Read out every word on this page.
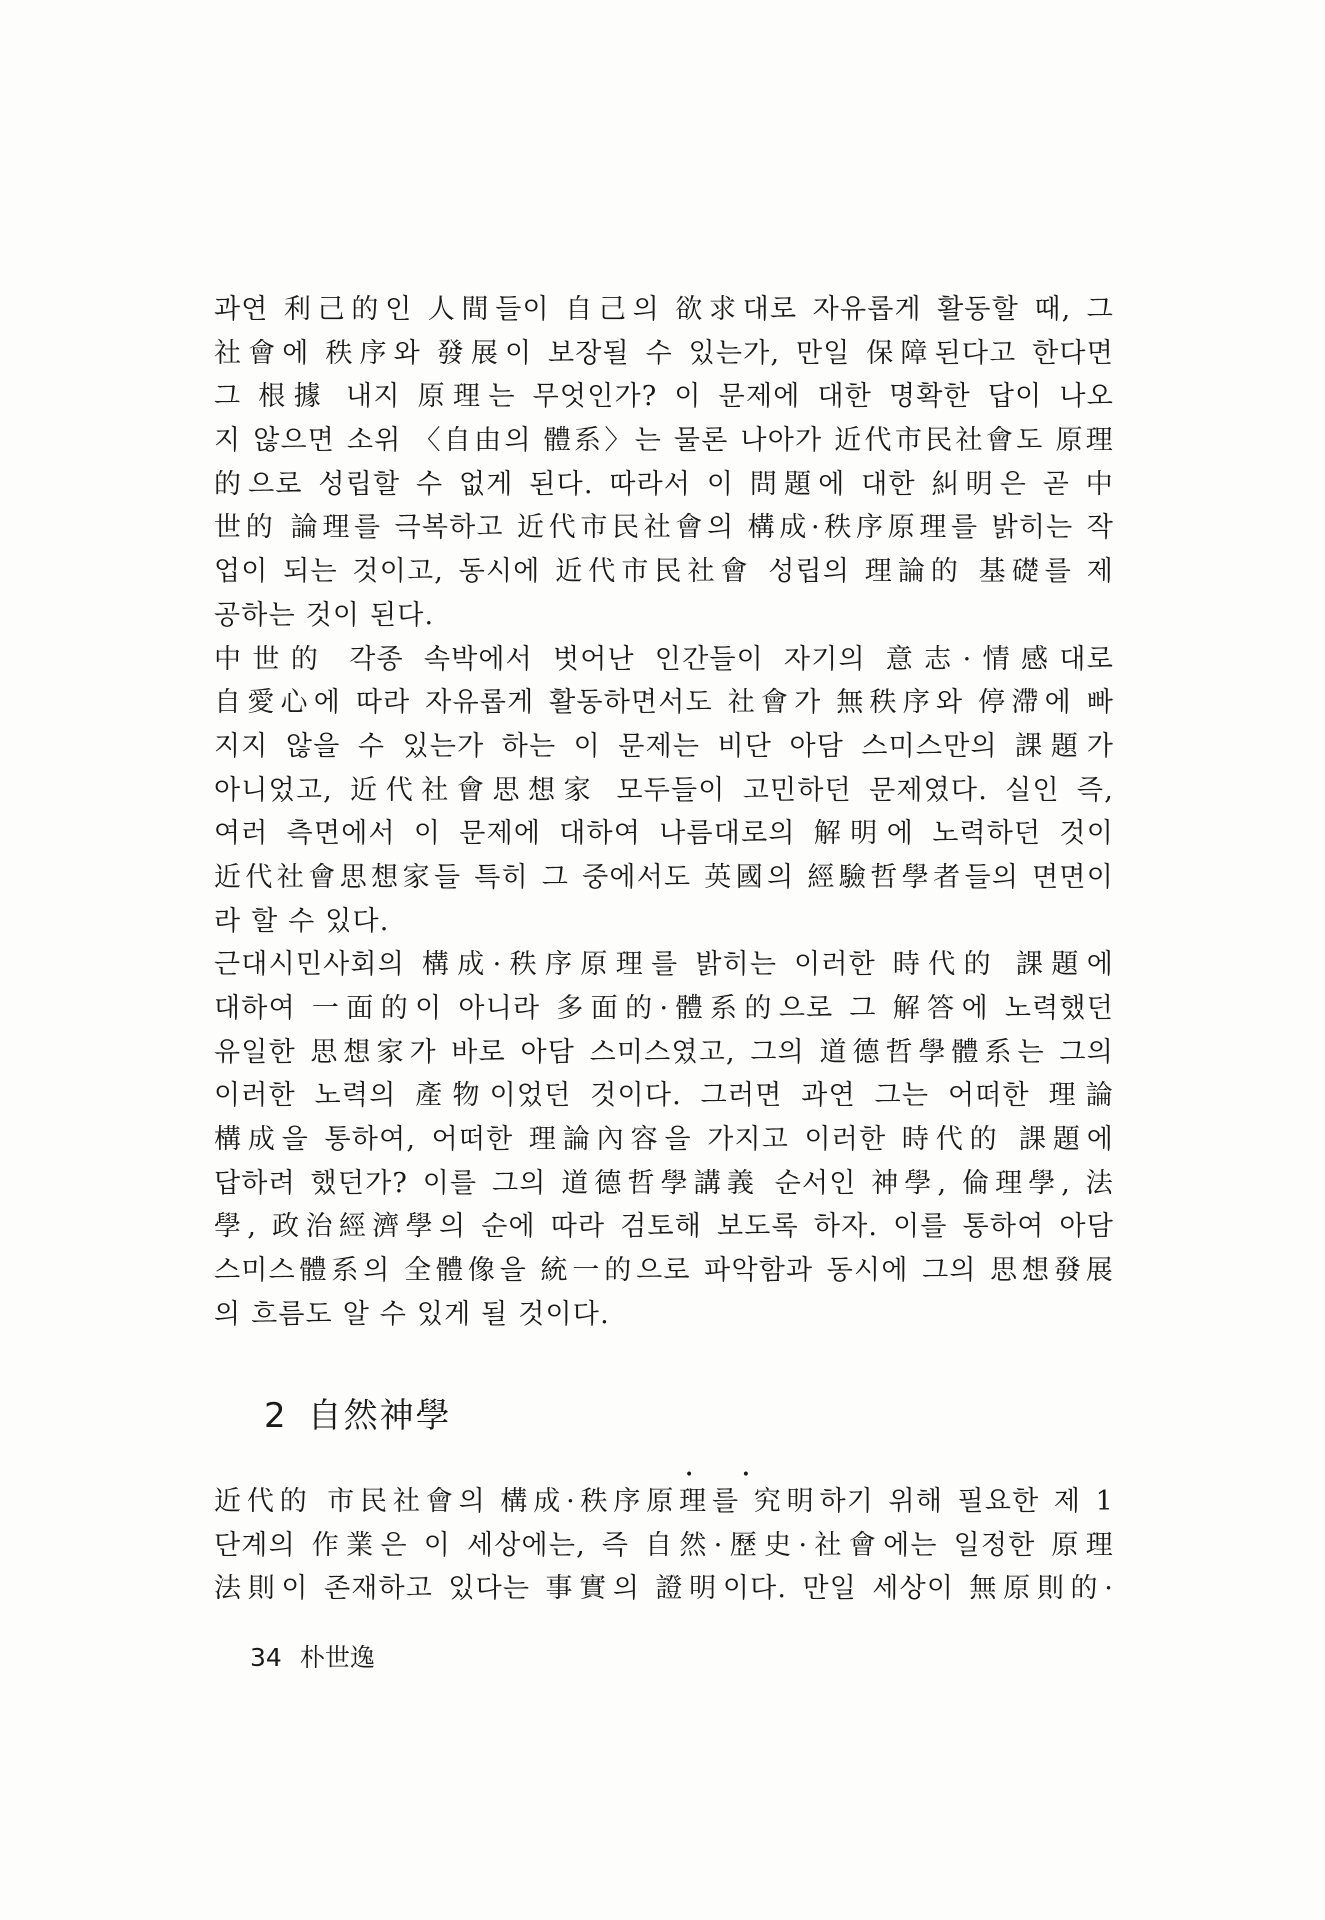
과연 利己的인 人間들이 自己의 欲求대로 자유롭게 활동할 때, 그
社會에 秩序와 發展이 보장될 수 있는가, 만일 保障된다고 한다면
그 根據 내지 原理는 무엇인가? 이 문제에 대한 명확한 답이 나오
지 않으면 소위 〈自由의 體系〉는 물론 나아가 近代市民社會도 原理
的으로 성립할 수 없게 된다. 따라서 이 問題에 대한 糾明은 곧 中
世的 論理를 극복하고 近代市民社會의 構成·秩序原理를 밝히는 작
업이 되는 것이고, 동시에 近代市民社會 성립의 理論的 基礎를 제
공하는 것이 된다.
中世的 각종 속박에서 벗어난 인간들이 자기의 意志·情感대로
自愛心에 따라 자유롭게 활동하면서도 社會가 無秩序와 停滯에 빠
지지 않을 수 있는가 하는 이 문제는 비단 아담 스미스만의 課題가
아니었고, 近代社會思想家 모두들이 고민하던 문제였다. 실인 즉,
여러 측면에서 이 문제에 대하여 나름대로의 解明에 노력하던 것이
近代社會思想家들 특히 그 중에서도 英國의 經驗哲學者들의 면면이
라 할 수 있다.
근대시민사회의 構成·秩序原理를 밝히는 이러한 時代的 課題에
대하여 一面的이 아니라 多面的·體系的으로 그 解答에 노력했던
유일한 思想家가 바로 아담 스미스였고, 그의 道德哲學體系는 그의
이러한 노력의 產物이었던 것이다. 그러면 과연 그는 어떠한 理論
構成을 통하여, 어떠한 理論內容을 가지고 이러한 時代的 課題에
답하려 했던가? 이를 그의 道德哲學講義 순서인 神學, 倫理學, 法
學, 政治經濟學의 순에 따라 검토해 보도록 하자. 이를 통하여 아담
스미스體系의 全體像을 統一的으로 파악함과 동시에 그의 思想發展
의 흐름도 알 수 있게 될 것이다.
2 自然神學
• •
近代的 市民社會의 構成·秩序原理를 究明하기 위해 필요한 제 1
단계의 作業은 이 세상에는, 즉 自然·歷史·社會에는 일정한 原理
法則이 존재하고 있다는 事實의 證明이다. 만일 세상이 無原則的·
34 朴世逸
